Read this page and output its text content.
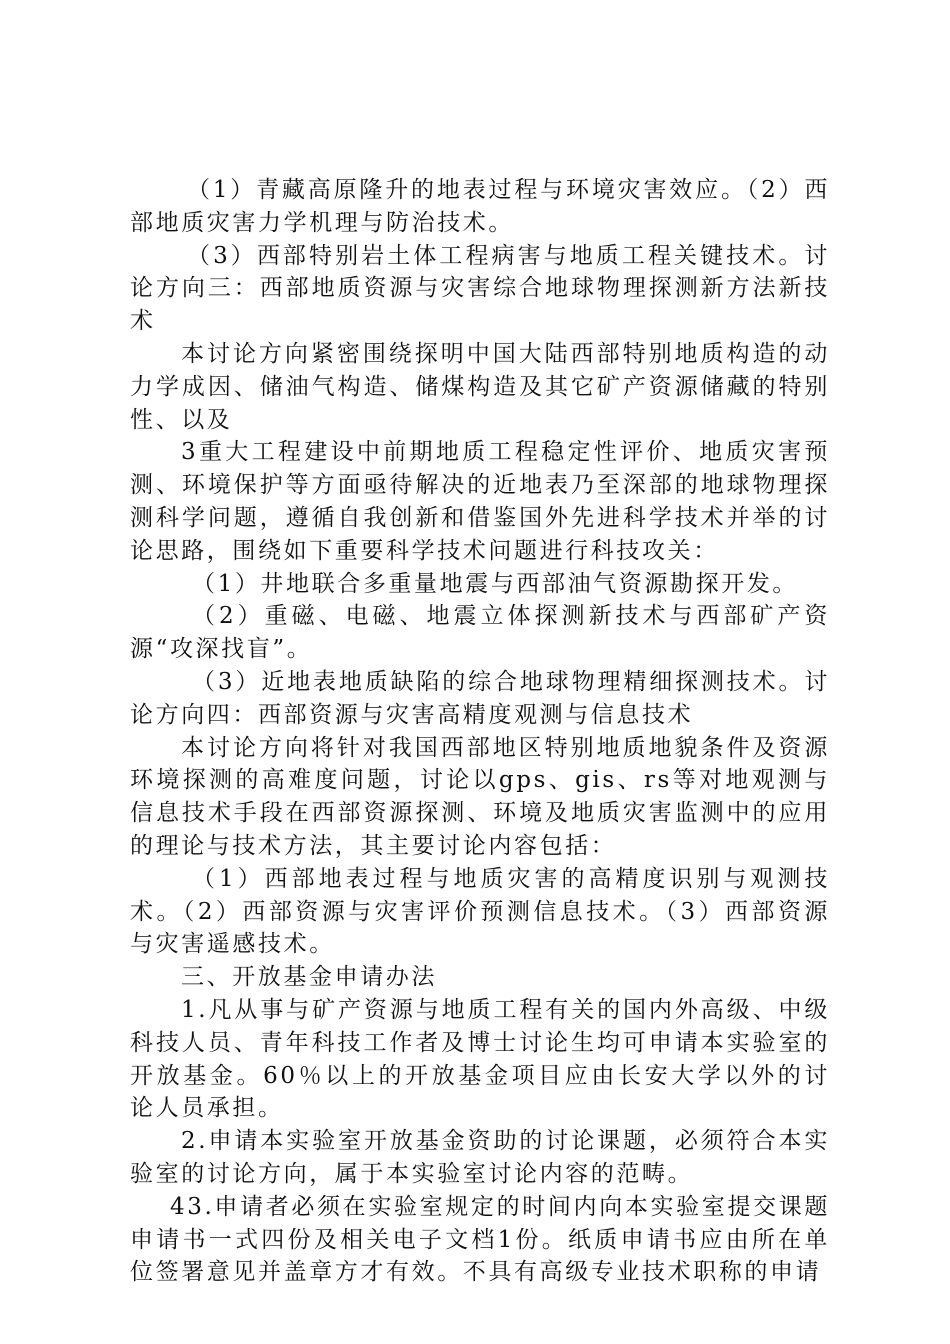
（1）青藏高原隆升的地表过程与环境灾害效应。（2）西部地质灾害力学机理与防治技术。

（3）西部特别岩土体工程病害与地质工程关键技术。讨论方向三：西部地质资源与灾害综合地球物理探测新方法新技术

本讨论方向紧密围绕探明中国大陆西部特别地质构造的动力学成因、储油气构造、储煤构造及其它矿产资源储藏的特别性、以及

3重大工程建设中前期地质工程稳定性评价、地质灾害预测、环境保护等方面亟待解决的近地表乃至深部的地球物理探测科学问题，遵循自我创新和借鉴国外先进科学技术并举的讨论思路，围绕如下重要科学技术问题进行科技攻关：

（1）井地联合多重量地震与西部油气资源勘探开发。

（2）重磁、电磁、地震立体探测新技术与西部矿产资源“攻深找盲”。

（3）近地表地质缺陷的综合地球物理精细探测技术。讨论方向四：西部资源与灾害高精度观测与信息技术

本讨论方向将针对我国西部地区特别地质地貌条件及资源环境探测的高难度问题，讨论以gps、gis、rs等对地观测与信息技术手段在西部资源探测、环境及地质灾害监测中的应用的理论与技术方法，其主要讨论内容包括：

（1）西部地表过程与地质灾害的高精度识别与观测技术。（2）西部资源与灾害评价预测信息技术。（3）西部资源与灾害遥感技术。

三、开放基金申请办法

1.凡从事与矿产资源与地质工程有关的国内外高级、中级科技人员、青年科技工作者及博士讨论生均可申请本实验室的开放基金。60％以上的开放基金项目应由长安大学以外的讨论人员承担。

2.申请本实验室开放基金资助的讨论课题，必须符合本实验室的讨论方向，属于本实验室讨论内容的范畴。

43.申请者必须在实验室规定的时间内向本实验室提交课题申请书一式四份及相关电子文档1份。纸质申请书应由所在单位签署意见并盖章方才有效。不具有高级专业技术职称的申请
